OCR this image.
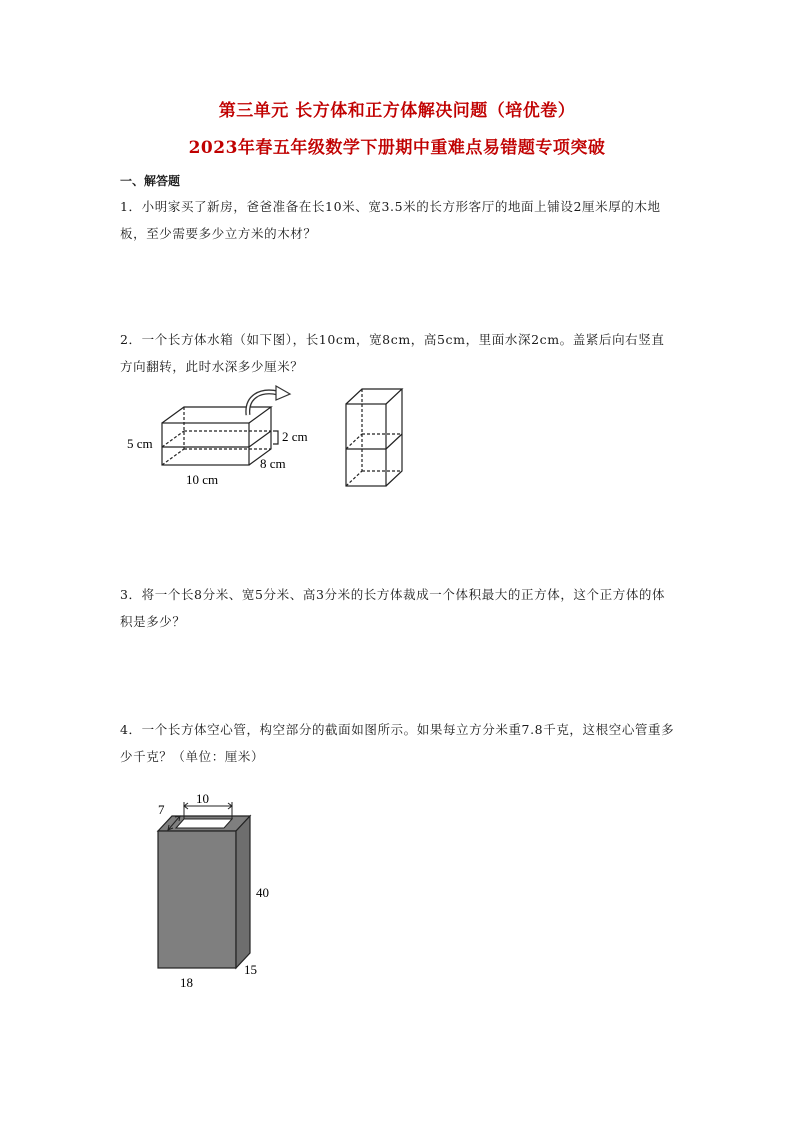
第三单元 长方体和正方体解决问题（培优卷）
2023年春五年级数学下册期中重难点易错题专项突破
一、解答题
1．小明家买了新房，爸爸准备在长10米、宽3.5米的长方形客厅的地面上铺设2厘米厚的木地板，至少需要多少立方米的木材？
2．一个长方体水箱（如下图），长10cm，宽8cm，高5cm，里面水深2cm。盖紧后向右竖直方向翻转，此时水深多少厘米？
3．将一个长8分米、宽5分米、高3分米的长方体裁成一个体积最大的正方体，这个正方体的体积是多少？
4．一个长方体空心管，构空部分的截面如图所示。如果每立方分米重7.8千克，这根空心管重多少千克？（单位：厘米）
5 cm	2 cm
8 cm
10 cm
10
7
40
18
15
